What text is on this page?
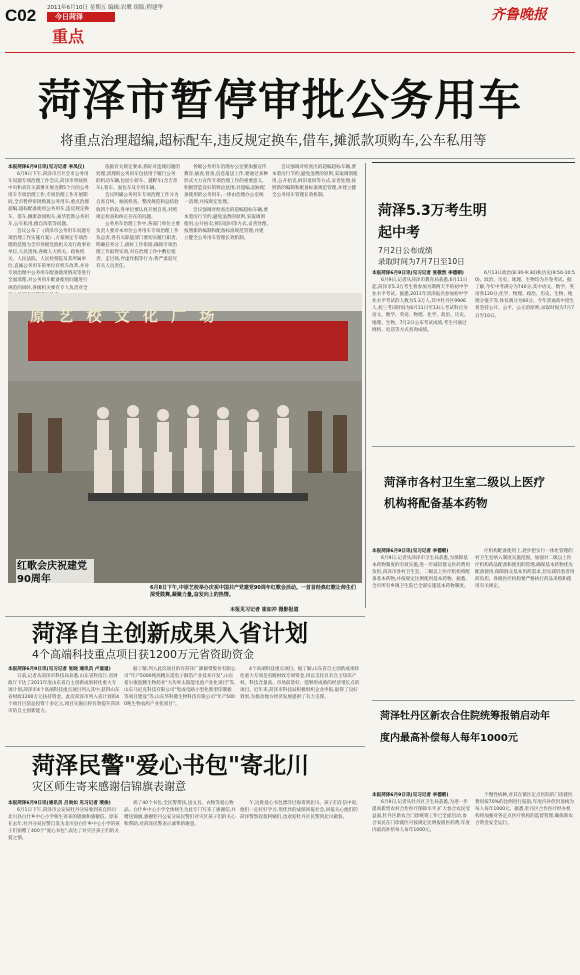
C02 2011年6月10日 星期五 编辑:岩鹰 组版:程建华
今日菏泽
重点
齐鲁晚报
菏泽市暂停审批公务用车
将重点治理超编,超标配车,违反规定换车,借车,摊派款项购车,公车私用等
本报菏泽6月9日讯(见习记者 李凤仪)

6月9日下午,菏泽市召开全市公务用车问题专项治理工作会议,菏泽市将按照中央和省有关部署开展为期5个月的公务用车专项治理工作,专项治理工作开展期间,全市暂停审批购置公务用车,重点治理超编,超标配备使用公务用车,违反规定换车、借车,摊派款项购车,豪华装饰公务用车,公车私用,擅自改装等问题。

会议公布了《菏泽市公务用车问题专项治理工作实施方案》,方案规定专项治理的范围为全市各级党政机关及行政事业单位,人民团体,各级人大机关、政协机关、人民法院、人民检察院及其所属单位,直属公务用车的单位有机车改革,并对专项治理中公务用车配备使用情况等进行全面清理,对公务用车配备使用问题进行规范的同时,各级机关要有专人负责对全

依据有关规定要求,抓好对违规问题的处理,清理的公务用车包括用于履行公务的机动车辆,包括小轿车、越野车(含吉普车),客车、面包车及专用车辆。

会议明确公务用车专项治理工作分为自查自纠、抽查检查、整改规范和总结验收四个阶段,各单位要认真开展自查,对照规定检查和纠正存在的问题。

公务用车治理工作中,各部门单位主要负责人要对本单位公务用车专项治理工作负总责,各有关职能部门要切实履行职责,明确任务分工,搞好工作衔接,确保专项治理工作取得实效,对在治理工作中敷衍塞责、走过场,弄虚作假等行为,将严肃追究有关人员责任。

各级公务用车治理办公室要加强宣传教育,抽查,督查,信息报送工作,要通过多种形式大力宣传专项治理工作的重要意义,积极营造良好的舆论氛围,对超编,超标配备使用的公务用车,一律由治理办公室统一清理,并按规定处理。

会议强调对检查出的超编超标车辆,要本着厉行节约,避免浪费的原则,采取调剂使用,公开拍卖,拆旧退回等方式,妥善处理,按照新的编制和配备标准规范管理,并建立健全公务用车管理长效机制。

会议强调对检查出的超编超标车辆,要本着厉行节约,避免浪费的原则,采取调剂使用,公开拍卖,拆旧退回等方式,妥善处理,按照新的编制和配备标准规范管理,并建立健全公务用车管理长效机制。

原 艺 校 文 化 广 场
红歌会庆祝建党90周年
6月8日下午,中原艺校举办庆祝中国共产党建党90周年红歌会活动。一首首经典红歌让师生们深受鼓舞,凝聚力量,奋发向上的热情。
本报见习记者 崔如冲 摄影报道
菏泽自主创新成果入省计划
4个高端科技重点项目获1200万元省资助资金
本报菏泽6月9日讯(见习记者 张晓 通讯员 卢道道)

日前,记者从菏泽市科技局获悉,山东省科技厅,省财政厅下达了2011年度山东省自主创新成果转化重大专项计划,菏泽市4个高端科技重点项目列入其中,获得山东省财政1200万元扶持资金。此次菏泽市列入省计划的4个项目目前总投资十多亿元,项目实施后将有效提升菏泽市的自主创新能力。

据了解,列入此次项目的有菏泽广源铜带股份有限公司"年产5000吨高精压延电子铜箔产业技术开发",山东希尔康泡腾生物药业"大功率太阳能电池产业化项目"等,山东马尼克科技有限公司"集成电路小型化新型印制板等项目建设"等,山东华科微生物科技有限公司"年产5000吨生物农药产业化项目"。

4个高端科技重点项目。据了解,山东省自主创新成果转化重大专项是省级财政专项资金,用以支持具有自主知识产权、科技含量高、市场前景好、能够形成新的经济增长点的项目。近年来,菏泽市科技局积极组织企业申报,取得了良好效果,为推动地方经济发展提供了有力支撑。

菏泽民警"爱心书包"寄北川
灾区师生寄来感谢信锦旗表谢意
本报菏泽6月9日讯(通讯员 吕尚如 见习记者 裴俊)

6月1日下午,菏泽市公安局牡丹分局收到来自四川北川县白什乡中心小学师生寄来的锦旗和感谢信。原来在去年,牡丹分局民警自发为北川县白什乡中心小学的孩子们捐赠了400个"爱心书包",表达了对灾区孩子们的关爱之情。

捐了40个书包,全民警帮扶,送文具、衣物等爱心物品。白什乡中心小学全体师生为此专门写来了感谢信,并赠送锦旗,感谢牡丹公安分局民警们对灾区孩子们的关心和帮助,对菏泽民警表示诚挚的谢意。

午,这批爱心书包漂洋过海寄到北川。孩子们在信中说,他们一定好好学习,用优异的成绩回报社会,回报关心他们的菏泽警察叔叔阿姨们,也欢迎牡丹区民警到北川做客。

菏泽5.3万考生明起中考
7月2日公布成绩
录取时间为7月7日至10日
本报菏泽6月9日讯(见习记者 张敬然 李德朝)

6月9日,记者从菏泽市教育局获悉,6月11日起,菏泽市5.3万考生将参加为期两天半的初中学业水平考试。据悉,2011年菏泽报名参加初中学业水平考试的人数为5.3万人,其中牡丹区9906人,初三考试时间为6月11日至13日,考试科目为语文、数学、英语、物理、化学、政治、历史、地理、生物。7月2日公布考试成绩,考生可通过网络、电话等方式查询成绩。

6月13日政治(8:30-9:30)和历史(9:50-10:50)。政治、历史、地理、生物均为开卷考试。据了解,今年中考满分为740分,其中语文、数学、英语各120分,化学、物理、政治、历史、生物、地理分值不等,体育满分为60分。今年普通高中招生将坚持公开、公平、公正的原则,录取时间为7月7日至10日。

菏泽市各村卫生室二级以上医疗机构将配备基本药物
本报菏泽6月9日讯(见习记者 李德朝)

6月9日,记者从菏泽市卫生局获悉,为保障基本药物制度的有效实施,进一步减轻群众医药费用负担,菏泽市各村卫生室、二级以上医疗机构将配备基本药物,并按规定比例使用基本药物。据悉,全市所有乡镇卫生院已全部实施基本药物制度。

疗机构配备使用上,逐步把实行一体化管理的村卫生室纳入制度实施范围。加强对二级以上医疗机构药品配备和使用的管理,确保基本药物优先配备使用,保障群众基本用药需求,切实减轻患者用药负担。各级医疗机构要严格执行药品采购和使用有关规定。

菏泽牡丹区新农合住院统筹报销启动年度内最高补偿每人每年1000元
本报菏泽6月9日讯(见习记者 李德朝)

6月9日,记者从牡丹区卫生局获悉,为进一步提高新型农村合作医疗保障水平,扩大参合农民受益面,牡丹区新农合门诊统筹工作已全面启动,参合农民在门诊就医可按规定比例报销医药费,年度内最高补偿每人每年1000元。

个慢性病种,对其在镇区定点医院的门诊就医费用按70%的比例进行报销,年度内补偿封顶线为每人每年1000元。据悉,牡丹区合作医疗经办机构将加强对各定点医疗机构的监督管理,确保新农合资金安全运行。
